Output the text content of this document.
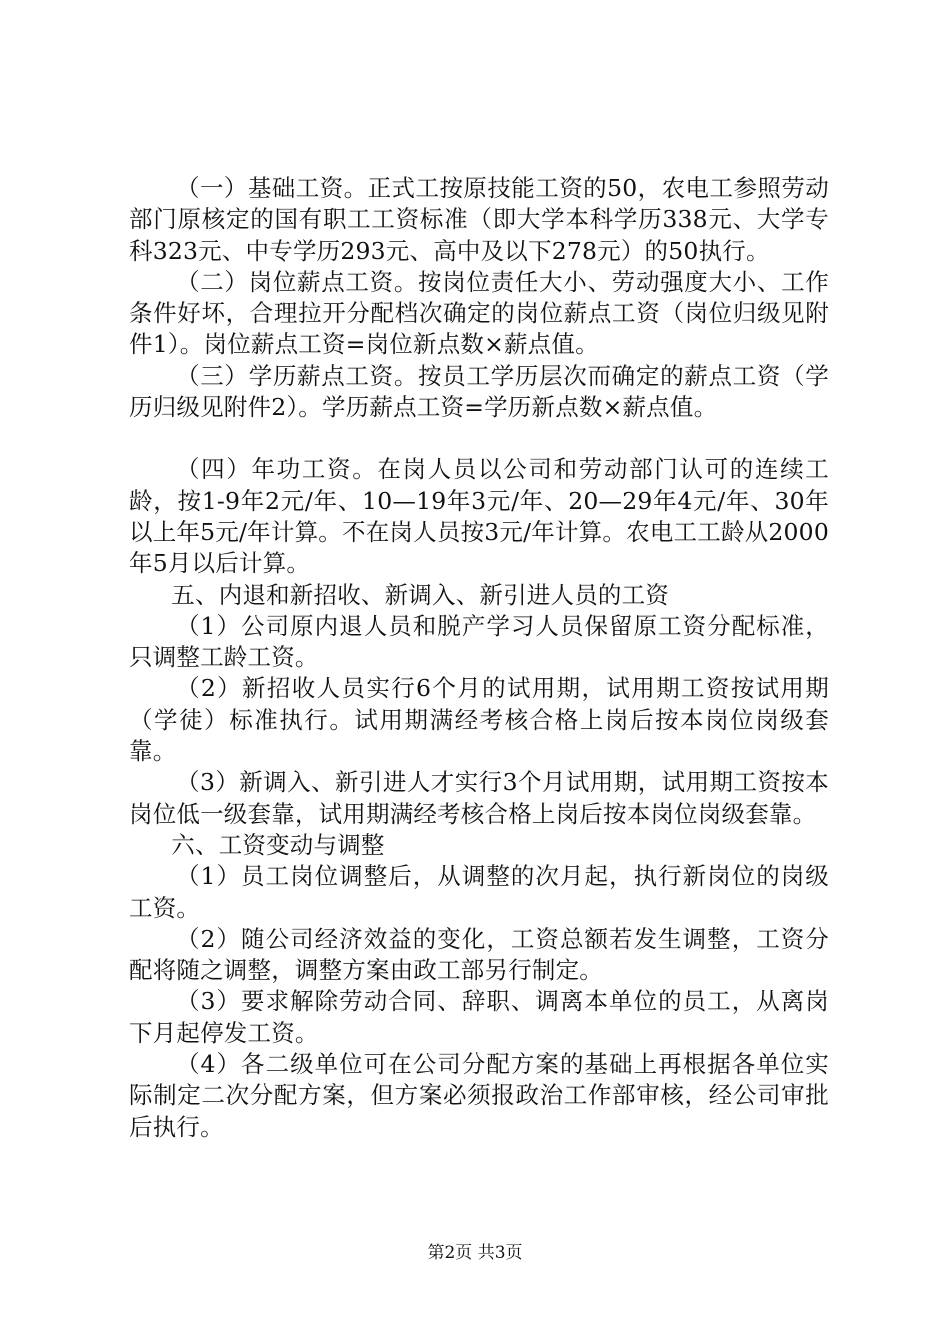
（一）基础工资。正式工按原技能工资的50，农电工参照劳动部门原核定的国有职工工资标准（即大学本科学历338元、大学专科323元、中专学历293元、高中及以下278元）的50执行。

（二）岗位薪点工资。按岗位责任大小、劳动强度大小、工作条件好坏，合理拉开分配档次确定的岗位薪点工资（岗位归级见附件1）。岗位薪点工资=岗位新点数×薪点值。

（三）学历薪点工资。按员工学历层次而确定的薪点工资（学历归级见附件2）。学历薪点工资=学历新点数×薪点值。

（四）年功工资。在岗人员以公司和劳动部门认可的连续工龄，按1-9年2元/年、10—19年3元/年、20—29年4元/年、30年以上年5元/年计算。不在岗人员按3元/年计算。农电工工龄从2000年5月以后计算。

五、内退和新招收、新调入、新引进人员的工资

（1）公司原内退人员和脱产学习人员保留原工资分配标准，只调整工龄工资。

（2）新招收人员实行6个月的试用期，试用期工资按试用期（学徒）标准执行。试用期满经考核合格上岗后按本岗位岗级套靠。

（3）新调入、新引进人才实行3个月试用期，试用期工资按本岗位低一级套靠，试用期满经考核合格上岗后按本岗位岗级套靠。

六、工资变动与调整

（1）员工岗位调整后，从调整的次月起，执行新岗位的岗级工资。

（2）随公司经济效益的变化，工资总额若发生调整，工资分配将随之调整，调整方案由政工部另行制定。

（3）要求解除劳动合同、辞职、调离本单位的员工，从离岗下月起停发工资。

（4）各二级单位可在公司分配方案的基础上再根据各单位实际制定二次分配方案，但方案必须报政治工作部审核，经公司审批后执行。

第2页 共3页
